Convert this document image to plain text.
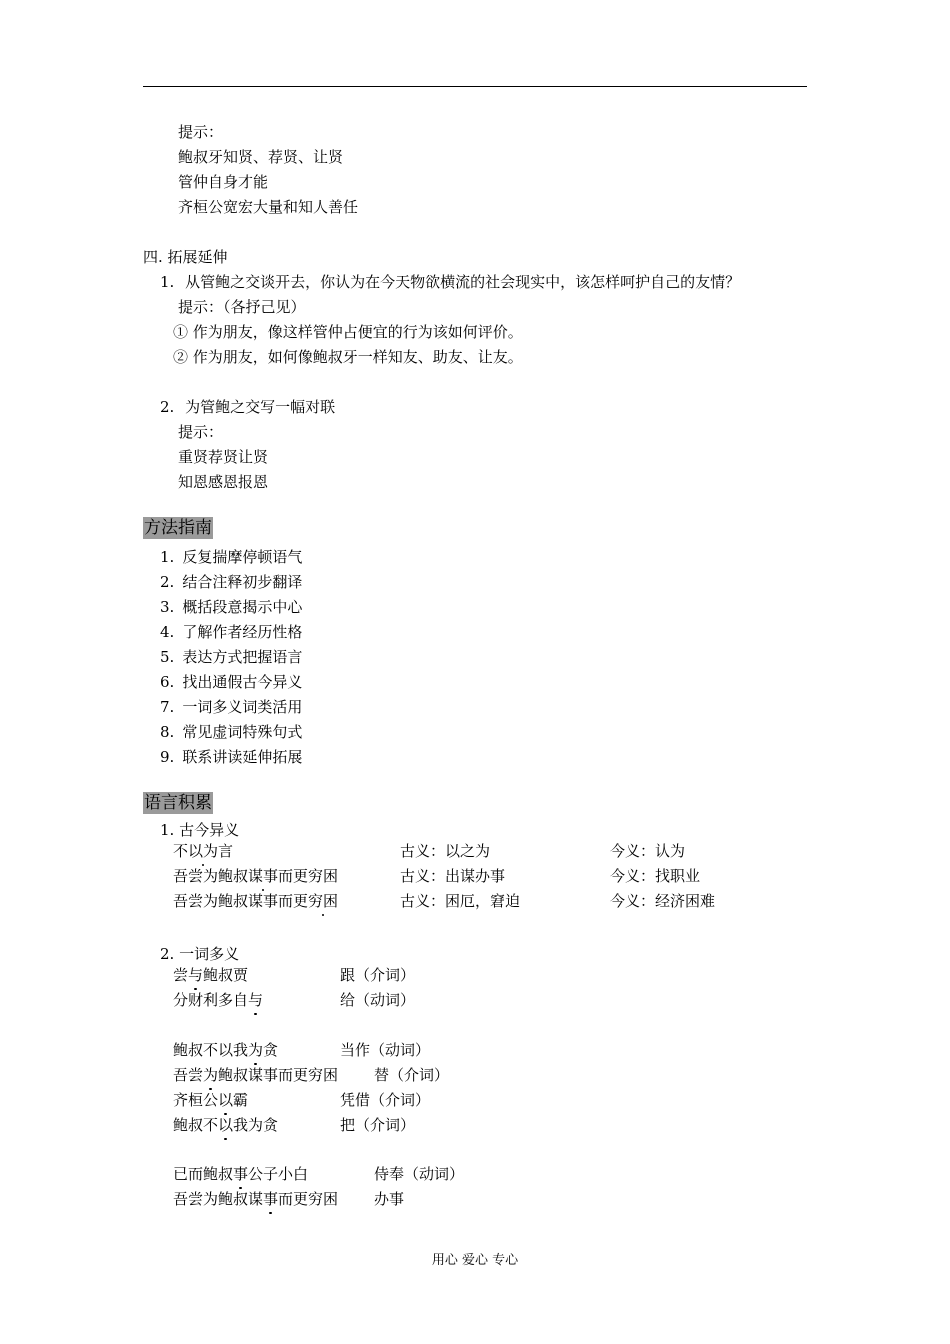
提示：
鲍叔牙知贤、荐贤、让贤
管仲自身才能
齐桓公宽宏大量和知人善任
四. 拓展延伸
1. 从管鲍之交谈开去，你认为在今天物欲横流的社会现实中，该怎样呵护自己的友情？
提示：（各抒己见）
① 作为朋友，像这样管仲占便宜的行为该如何评价。
② 作为朋友，如何像鲍叔牙一样知友、助友、让友。
2. 为管鲍之交写一幅对联
提示：
重贤荐贤让贤
知恩感恩报恩
方法指南
1. 反复揣摩停顿语气
2. 结合注释初步翻译
3. 概括段意揭示中心
4. 了解作者经历性格
5. 表达方式把握语言
6. 找出通假古今异义
7. 一词多义词类活用
8. 常见虚词特殊句式
9. 联系讲读延伸拓展
语言积累
1. 古今异义
不以为言	古义：以之为	今义：认为
吾尝为鲍叔谋事而更穷困	古义：出谋办事	今义：找职业
吾尝为鲍叔谋事而更穷困	古义：困厄，窘迫	今义：经济困难
2. 一词多义
尝与鲍叔贾	跟（介词）
分财利多自与	给（动词）
鲍叔不以我为贪	当作（动词）
吾尝为鲍叔谋事而更穷困 替（介词）
齐桓公以霸	凭借（介词）
鲍叔不以我为贪	把（介词）
已而鲍叔事公子小白	侍奉（动词）
吾尝为鲍叔谋事而更穷困 办事
用心 爱心 专心
